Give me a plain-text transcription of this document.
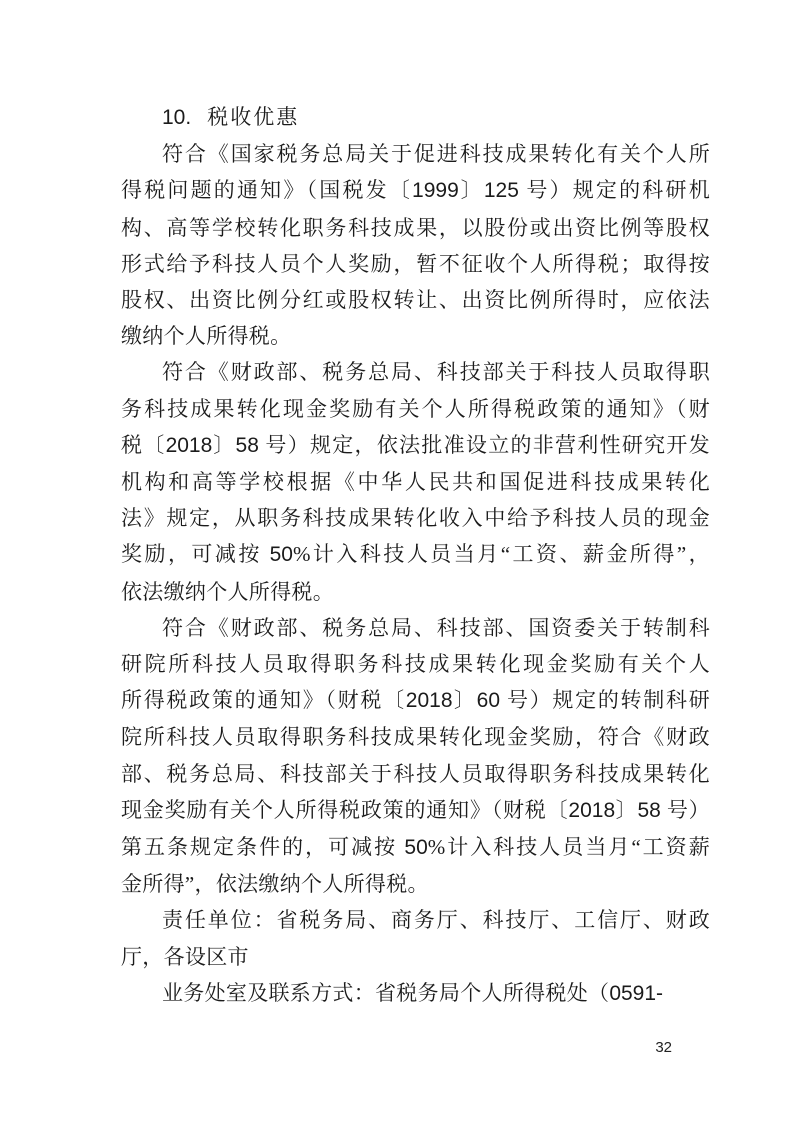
10. 税收优惠
符合《国家税务总局关于促进科技成果转化有关个人所
得税问题的通知》（国税发〔1999〕125 号）规定的科研机
构、高等学校转化职务科技成果，以股份或出资比例等股权
形式给予科技人员个人奖励，暂不征收个人所得税；取得按
股权、出资比例分红或股权转让、出资比例所得时，应依法
缴纳个人所得税。
符合《财政部、税务总局、科技部关于科技人员取得职
务科技成果转化现金奖励有关个人所得税政策的通知》（财
税〔2018〕58 号）规定，依法批准设立的非营利性研究开发
机构和高等学校根据《中华人民共和国促进科技成果转化
法》规定，从职务科技成果转化收入中给予科技人员的现金
奖励，可减按 50%计入科技人员当月“工资、薪金所得”，
依法缴纳个人所得税。
符合《财政部、税务总局、科技部、国资委关于转制科
研院所科技人员取得职务科技成果转化现金奖励有关个人
所得税政策的通知》（财税〔2018〕60 号）规定的转制科研
院所科技人员取得职务科技成果转化现金奖励，符合《财政
部、税务总局、科技部关于科技人员取得职务科技成果转化
现金奖励有关个人所得税政策的通知》（财税〔2018〕58 号）
第五条规定条件的，可减按 50%计入科技人员当月“工资薪
金所得”，依法缴纳个人所得税。
责任单位：省税务局、商务厅、科技厅、工信厅、财政
厅，各设区市
业务处室及联系方式：省税务局个人所得税处（0591-
32
